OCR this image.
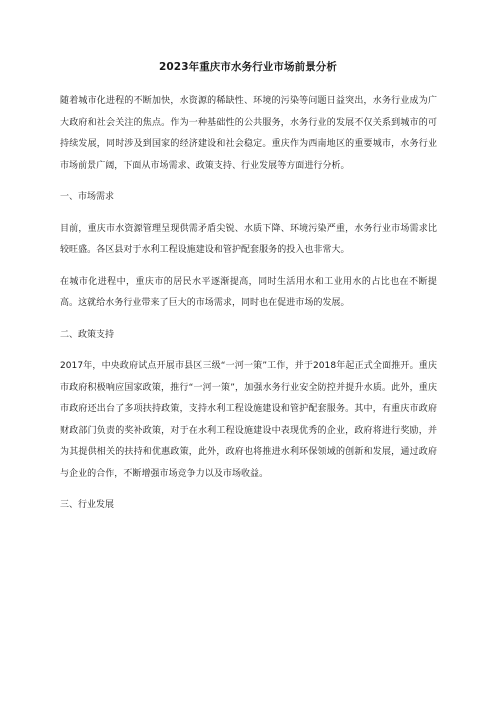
2023年重庆市水务行业市场前景分析

随着城市化进程的不断加快，水资源的稀缺性、环境的污染等问题日益突出，水务行业成为广大政府和社会关注的焦点。作为一种基础性的公共服务，水务行业的发展不仅关系到城市的可持续发展，同时涉及到国家的经济建设和社会稳定。重庆作为西南地区的重要城市，水务行业市场前景广阔，下面从市场需求、政策支持、行业发展等方面进行分析。

一、市场需求

目前，重庆市水资源管理呈现供需矛盾尖锐、水质下降、环境污染严重，水务行业市场需求比较旺盛。各区县对于水利工程设施建设和管护配套服务的投入也非常大。

在城市化进程中，重庆市的居民水平逐渐提高，同时生活用水和工业用水的占比也在不断提高。这就给水务行业带来了巨大的市场需求，同时也在促进市场的发展。

二、政策支持

2017年，中央政府试点开展市县区三级“一河一策”工作，并于2018年起正式全面推开。重庆市政府积极响应国家政策，推行“一河一策”，加强水务行业安全防控并提升水质。此外，重庆市政府还出台了多项扶持政策，支持水利工程设施建设和管护配套服务。其中，有重庆市政府财政部门负责的奖补政策，对于在水利工程设施建设中表现优秀的企业，政府将进行奖励，并为其提供相关的扶持和优惠政策，此外，政府也将推进水利环保领域的创新和发展，通过政府与企业的合作，不断增强市场竞争力以及市场收益。

三、行业发展
